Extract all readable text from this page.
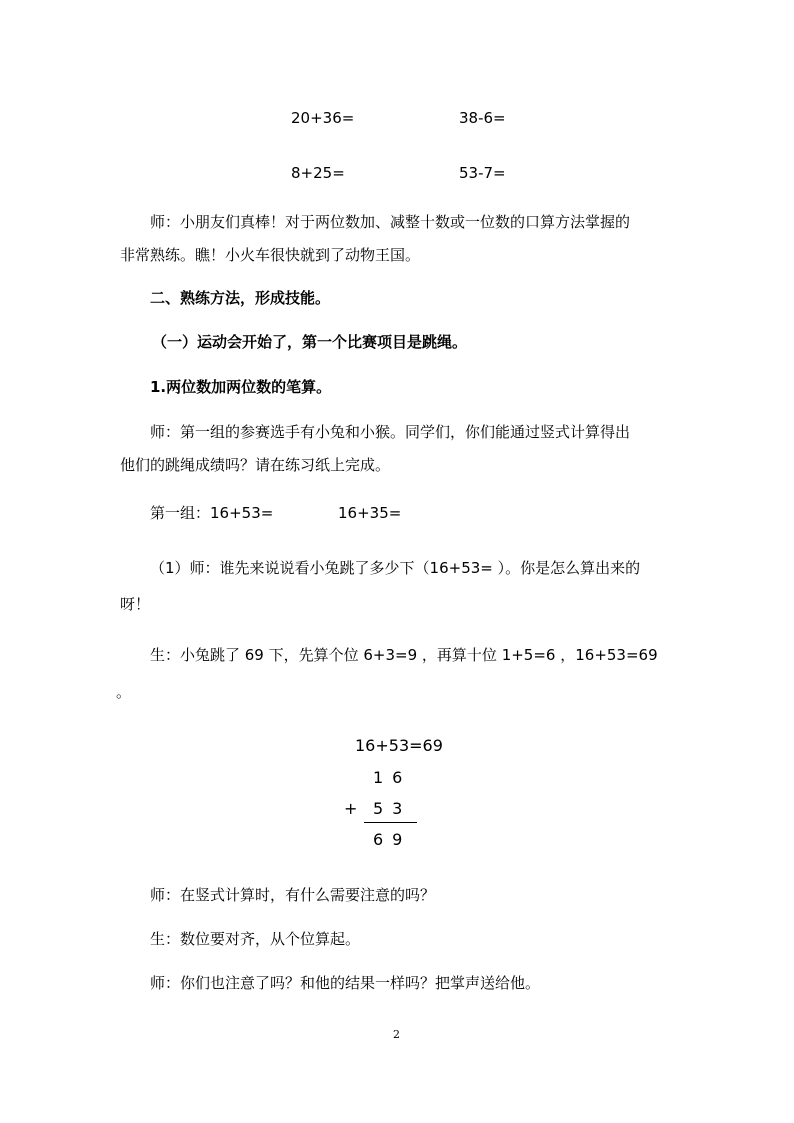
20+36=	38-6=
8+25=	53-7=
师：小朋友们真棒！对于两位数加、减整十数或一位数的口算方法掌握的
非常熟练。瞧！小火车很快就到了动物王国。
二、熟练方法，形成技能。
（一）运动会开始了，第一个比赛项目是跳绳。
1.两位数加两位数的笔算。
师：第一组的参赛选手有小兔和小猴。同学们，你们能通过竖式计算得出
他们的跳绳成绩吗？请在练习纸上完成。
第一组：16+53=	16+35=
（1）师：谁先来说说看小兔跳了多少下（16+53= ）。你是怎么算出来的
呀！
生：小兔跳了 69 下，先算个位 6+3=9 ，再算十位 1+5=6 ，16+53=69
。
16+53=69
16
+ 53
69
师：在竖式计算时，有什么需要注意的吗？
生：数位要对齐，从个位算起。
师：你们也注意了吗？和他的结果一样吗？把掌声送给他。
2
